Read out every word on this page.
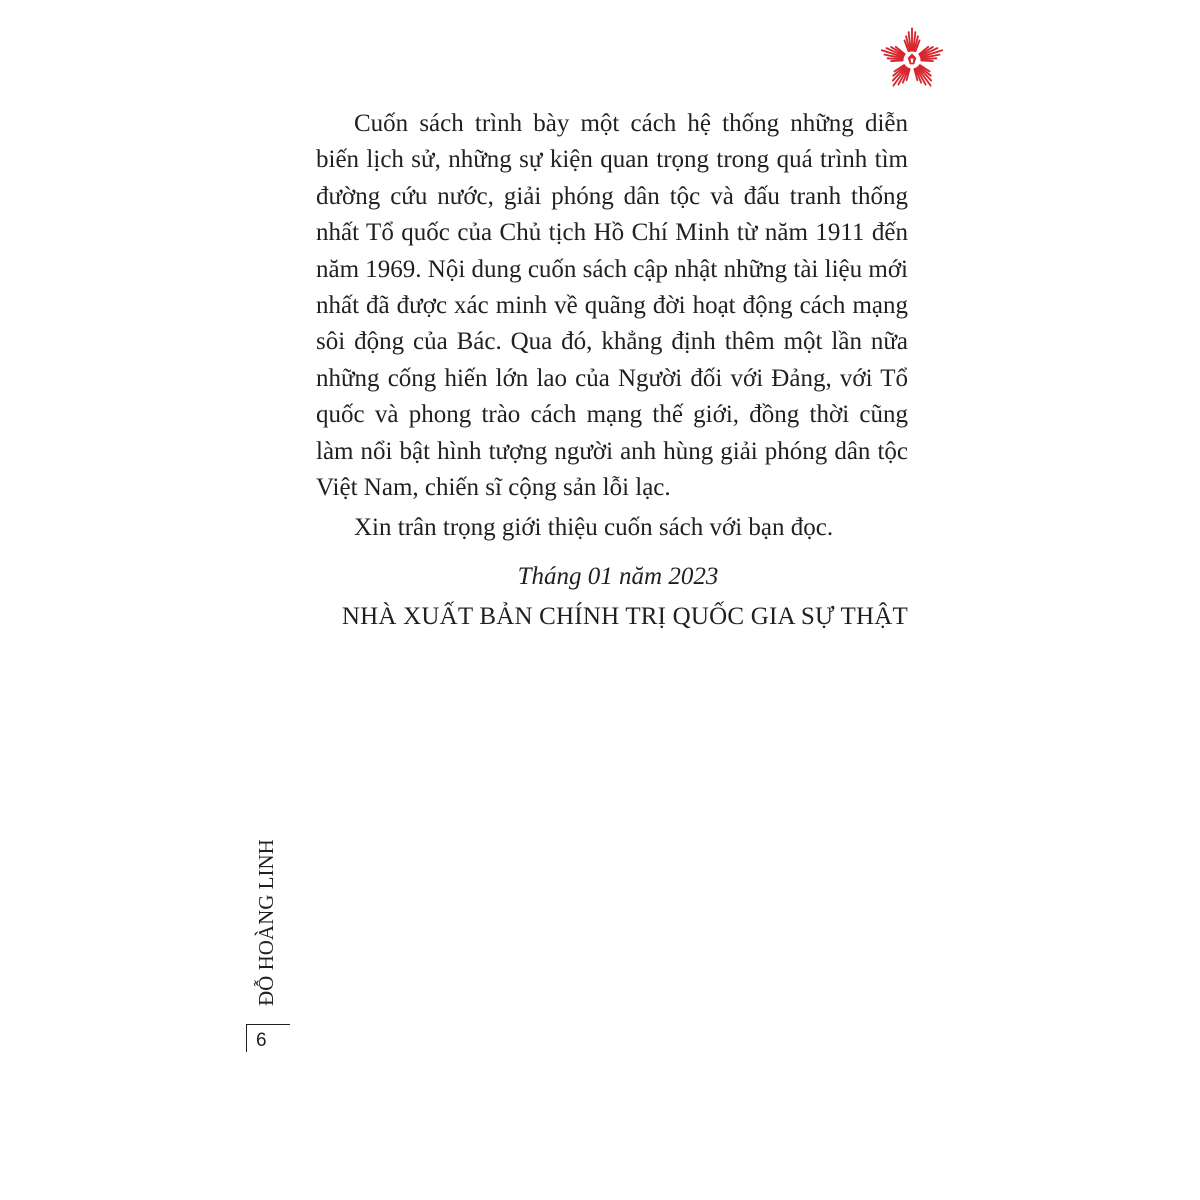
Cuốn sách trình bày một cách hệ thống những diễn biến lịch sử, những sự kiện quan trọng trong quá trình tìm đường cứu nước, giải phóng dân tộc và đấu tranh thống nhất Tổ quốc của Chủ tịch Hồ Chí Minh từ năm 1911 đến năm 1969. Nội dung cuốn sách cập nhật những tài liệu mới nhất đã được xác minh về quãng đời hoạt động cách mạng sôi động của Bác. Qua đó, khẳng định thêm một lần nữa những cống hiến lớn lao của Người đối với Đảng, với Tổ quốc và phong trào cách mạng thế giới, đồng thời cũng làm nổi bật hình tượng người anh hùng giải phóng dân tộc Việt Nam, chiến sĩ cộng sản lỗi lạc.

Xin trân trọng giới thiệu cuốn sách với bạn đọc.

Tháng 01 năm 2023
NHÀ XUẤT BẢN CHÍNH TRỊ QUỐC GIA SỰ THẬT
ĐỖ HOÀNG LINH
6
